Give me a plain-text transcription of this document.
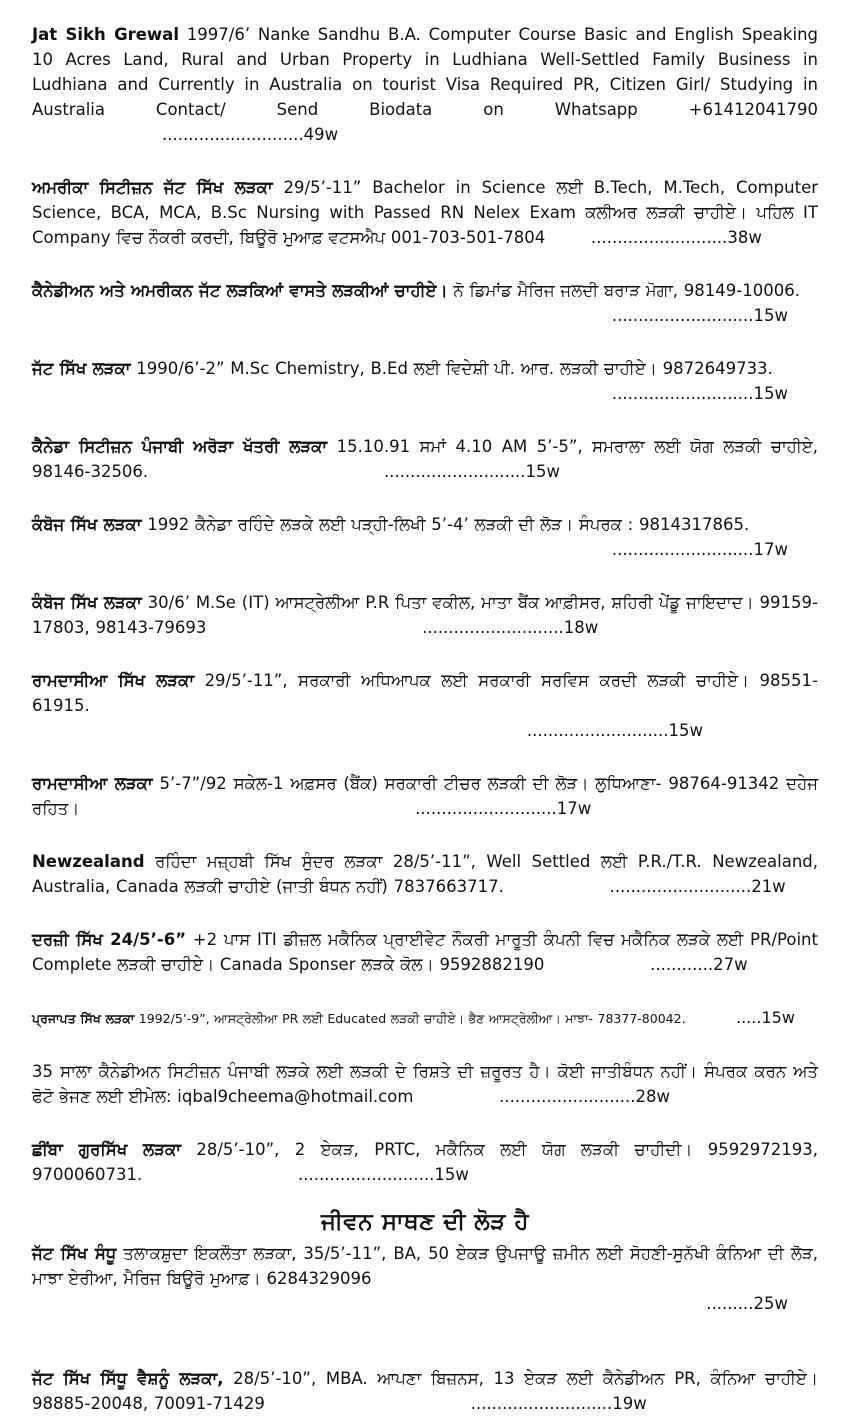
Jat Sikh Grewal 1997/6’ Nanke Sandhu B.A. Computer Course Basic and English Speaking 10 Acres Land, Rural and Urban Property in Ludhiana Well-Settled Family Business in Ludhiana and Currently in Australia on tourist Visa Required PR, Citizen Girl/ Studying in Australia Contact/ Send Biodata on Whatsapp +61412041790 ...........................49w
ਅਮਰੀਕਾ ਸਿਟੀਜ਼ਨ ਜੱਟ ਸਿੱਖ ਲੜਕਾ 29/5’-11” Bachelor in Science ਲਈ B.Tech, M.Tech, Computer Science, BCA, MCA, B.Sc Nursing with Passed RN Nelex Exam ਕਲੀਅਰ ਲੜਕੀ ਚਾਹੀਏ। ਪਹਿਲ IT Company ਵਿਚ ਨੌਕਰੀ ਕਰਦੀ, ਬਿਊਰੋ ਮੁਆਫ਼ ਵਟਸਐਪ 001-703-501-7804	..........................38w
ਕੈਨੇਡੀਅਨ ਅਤੇ ਅਮਰੀਕਨ ਜੱਟ ਲੜਕਿਆਂ ਵਾਸਤੇ ਲੜਕੀਆਂ ਚਾਹੀਏ। ਨੋ ਡਿਮਾਂਡ ਮੈਰਿਜ ਜਲਦੀ ਬਰਾੜ ਮੋਗਾ, 98149-10006.
...........................15w
ਜੱਟ ਸਿੱਖ ਲੜਕਾ 1990/6’-2” M.Sc Chemistry, B.Ed ਲਈ ਵਿਦੇਸ਼ੀ ਪੀ. ਆਰ. ਲੜਕੀ ਚਾਹੀਏ। 9872649733.
...........................15w
ਕੈਨੇਡਾ ਸਿਟੀਜ਼ਨ ਪੰਜਾਬੀ ਅਰੋੜਾ ਖੱਤਰੀ ਲੜਕਾ 15.10.91 ਸਮਾਂ 4.10 AM 5’-5”, ਸਮਰਾਲਾ ਲਈ ਯੋਗ ਲੜਕੀ ਚਾਹੀਏ, 98146-32506.	...........................15w
ਕੰਬੋਜ ਸਿੱਖ ਲੜਕਾ 1992 ਕੈਨੇਡਾ ਰਹਿੰਦੇ ਲੜਕੇ ਲਈ ਪੜ੍ਹੀ-ਲਿਖੀ 5’-4’ ਲੜਕੀ ਦੀ ਲੋੜ। ਸੰਪਰਕ : 9814317865.
...........................17w
ਕੰਬੋਜ ਸਿੱਖ ਲੜਕਾ 30/6’ M.Se (IT) ਆਸਟ੍ਰੇਲੀਆ P.R ਪਿਤਾ ਵਕੀਲ, ਮਾਤਾ ਬੈਂਕ ਆਫ਼ੀਸਰ, ਸ਼ਹਿਰੀ ਪੇਂਡੂ ਜਾਇਦਾਦ। 99159-17803, 98143-79693	...........................18w
ਰਾਮਦਾਸੀਆ ਸਿੱਖ ਲੜਕਾ 29/5’-11”, ਸਰਕਾਰੀ ਅਧਿਆਪਕ ਲਈ ਸਰਕਾਰੀ ਸਰਵਿਸ ਕਰਦੀ ਲੜਕੀ ਚਾਹੀਏ। 98551-61915.
...........................15w
ਰਾਮਦਾਸੀਆ ਲੜਕਾ 5’-7”/92 ਸਕੇਲ-1 ਅਫ਼ਸਰ (ਬੈਂਕ) ਸਰਕਾਰੀ ਟੀਚਰ ਲੜਕੀ ਦੀ ਲੋੜ। ਲੁਧਿਆਣਾ- 98764-91342 ਦਹੇਜ ਰਹਿਤ।	...........................17w
Newzealand ਰਹਿੰਦਾ ਮਜ਼੍ਹਬੀ ਸਿੱਖ ਸੁੰਦਰ ਲੜਕਾ 28/5’-11”, Well Settled ਲਈ P.R./T.R. Newzealand, Australia, Canada ਲੜਕੀ ਚਾਹੀਏ (ਜਾਤੀ ਬੰਧਨ ਨਹੀਂ) 7837663717.	...........................21w
ਦਰਜ਼ੀ ਸਿੱਖ 24/5’-6” +2 ਪਾਸ ITI ਡੀਜ਼ਲ ਮਕੈਨਿਕ ਪ੍ਰਾਈਵੇਟ ਨੌਕਰੀ ਮਾਰੂਤੀ ਕੰਪਨੀ ਵਿਚ ਮਕੈਨਿਕ ਲੜਕੇ ਲਈ PR/Point Complete ਲੜਕੀ ਚਾਹੀਏ। Canada Sponser ਲੜਕੇ ਕੋਲ। 9592882190	............27w
ਪ੍ਰਜਾਪਤ ਸਿੱਖ ਲੜਕਾ 1992/5’-9”, ਆਸਟ੍ਰੇਲੀਆ PR ਲਈ Educated ਲੜਕੀ ਚਾਹੀਏ। ਭੈਣ ਆਸਟ੍ਰੇਲੀਆ। ਮਾਝਾ- 78377-80042.	.....15w
35 ਸਾਲਾ ਕੈਨੇਡੀਅਨ ਸਿਟੀਜ਼ਨ ਪੰਜਾਬੀ ਲੜਕੇ ਲਈ ਲੜਕੀ ਦੇ ਰਿਸ਼ਤੇ ਦੀ ਜ਼ਰੂਰਤ ਹੈ। ਕੋਈ ਜਾਤੀਬੰਧਨ ਨਹੀਂ। ਸੰਪਰਕ ਕਰਨ ਅਤੇ ਫੋਟੋ ਭੇਜਣ ਲਈ ਈਮੇਲ: iqbal9cheema@hotmail.com	..........................28w
ਛੀਂਬਾ ਗੁਰਸਿੱਖ ਲੜਕਾ 28/5’-10”, 2 ਏਕੜ, PRTC, ਮਕੈਨਿਕ ਲਈ ਯੋਗ ਲੜਕੀ ਚਾਹੀਦੀ। 9592972193, 9700060731.	..........................15w
ਜੀਵਨ ਸਾਥਣ ਦੀ ਲੋੜ ਹੈ
ਜੱਟ ਸਿੱਖ ਸੰਧੂ ਤਲਾਕਸ਼ੁਦਾ ਇਕਲੌਤਾ ਲੜਕਾ, 35/5’-11”, BA, 50 ਏਕੜ ਉਪਜਾਊ ਜ਼ਮੀਨ ਲਈ ਸੋਹਣੀ-ਸੁਨੱਖੀ ਕੰਨਿਆ ਦੀ ਲੋੜ, ਮਾਝਾ ਏਰੀਆ, ਮੈਰਿਜ ਬਿਊਰੋ ਮੁਆਫ਼। 6284329096
.........25w
ਜੱਟ ਸਿੱਖ ਸਿੱਧੂ ਵੈਸ਼ਨੂੰ ਲੜਕਾ, 28/5’-10”, MBA. ਆਪਣਾ ਬਿਜ਼ਨਸ, 13 ਏਕੜ ਲਈ ਕੈਨੇਡੀਅਨ PR, ਕੰਨਿਆ ਚਾਹੀਏ। 98885-20048, 70091-71429	...........................19w
